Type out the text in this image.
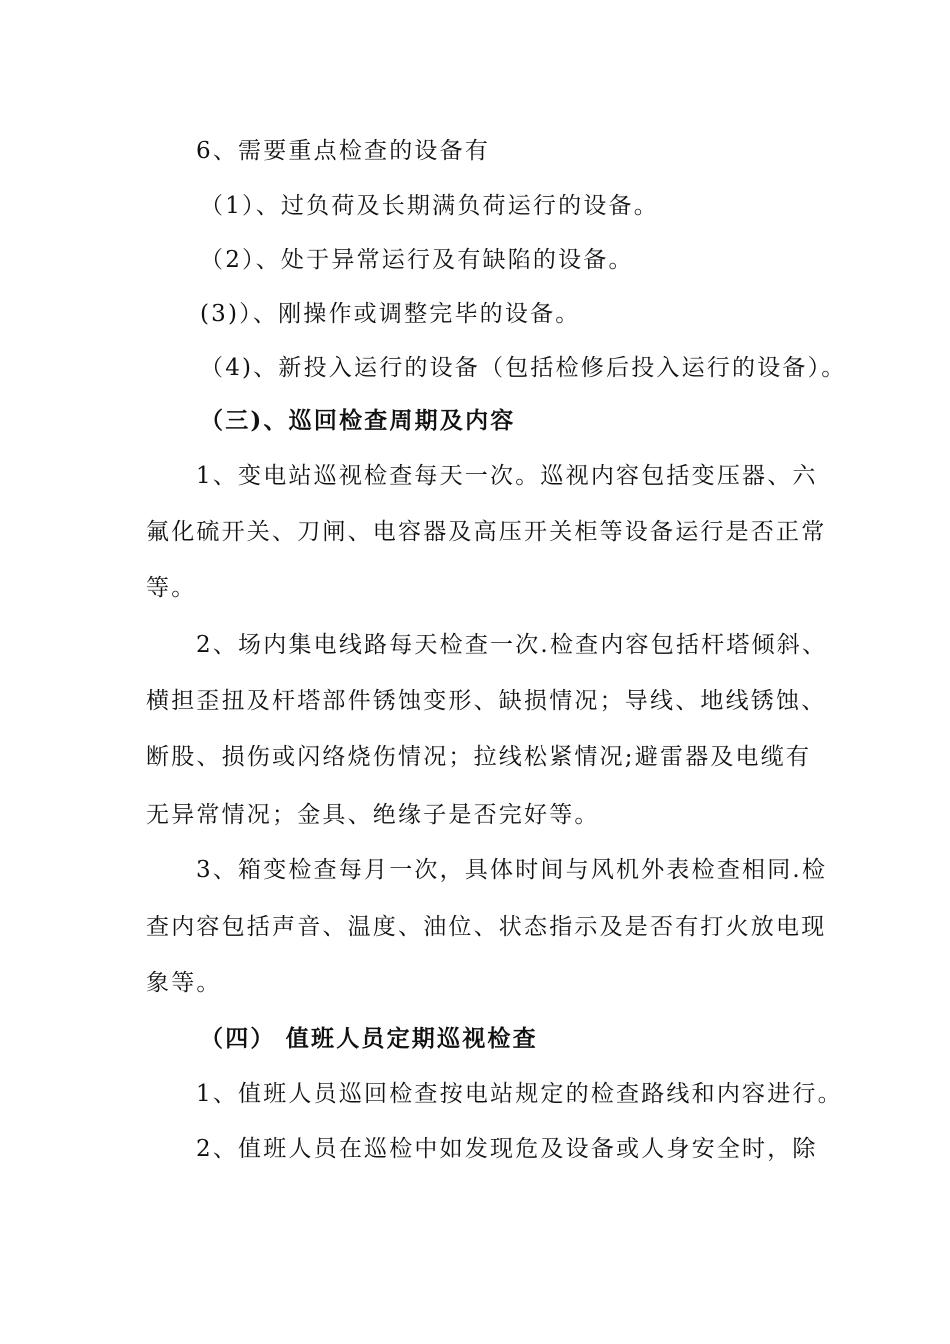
6、需要重点检查的设备有
（1）、过负荷及长期满负荷运行的设备。
（2）、处于异常运行及有缺陷的设备。
(3)）、刚操作或调整完毕的设备。
（4)、新投入运行的设备（包括检修后投入运行的设备）。
（三)、巡回检查周期及内容
1、变电站巡视检查每天一次。巡视内容包括变压器、六
氟化硫开关、刀闸、电容器及高压开关柜等设备运行是否正常
等。
2、场内集电线路每天检查一次.检查内容包括杆塔倾斜、
横担歪扭及杆塔部件锈蚀变形、缺损情况；导线、地线锈蚀、
断股、损伤或闪络烧伤情况；拉线松紧情况;避雷器及电缆有
无异常情况；金具、绝缘子是否完好等。
3、箱变检查每月一次，具体时间与风机外表检查相同.检
查内容包括声音、温度、油位、状态指示及是否有打火放电现
象等。
（四） 值班人员定期巡视检查
1、值班人员巡回检查按电站规定的检查路线和内容进行。
2、值班人员在巡检中如发现危及设备或人身安全时，除
